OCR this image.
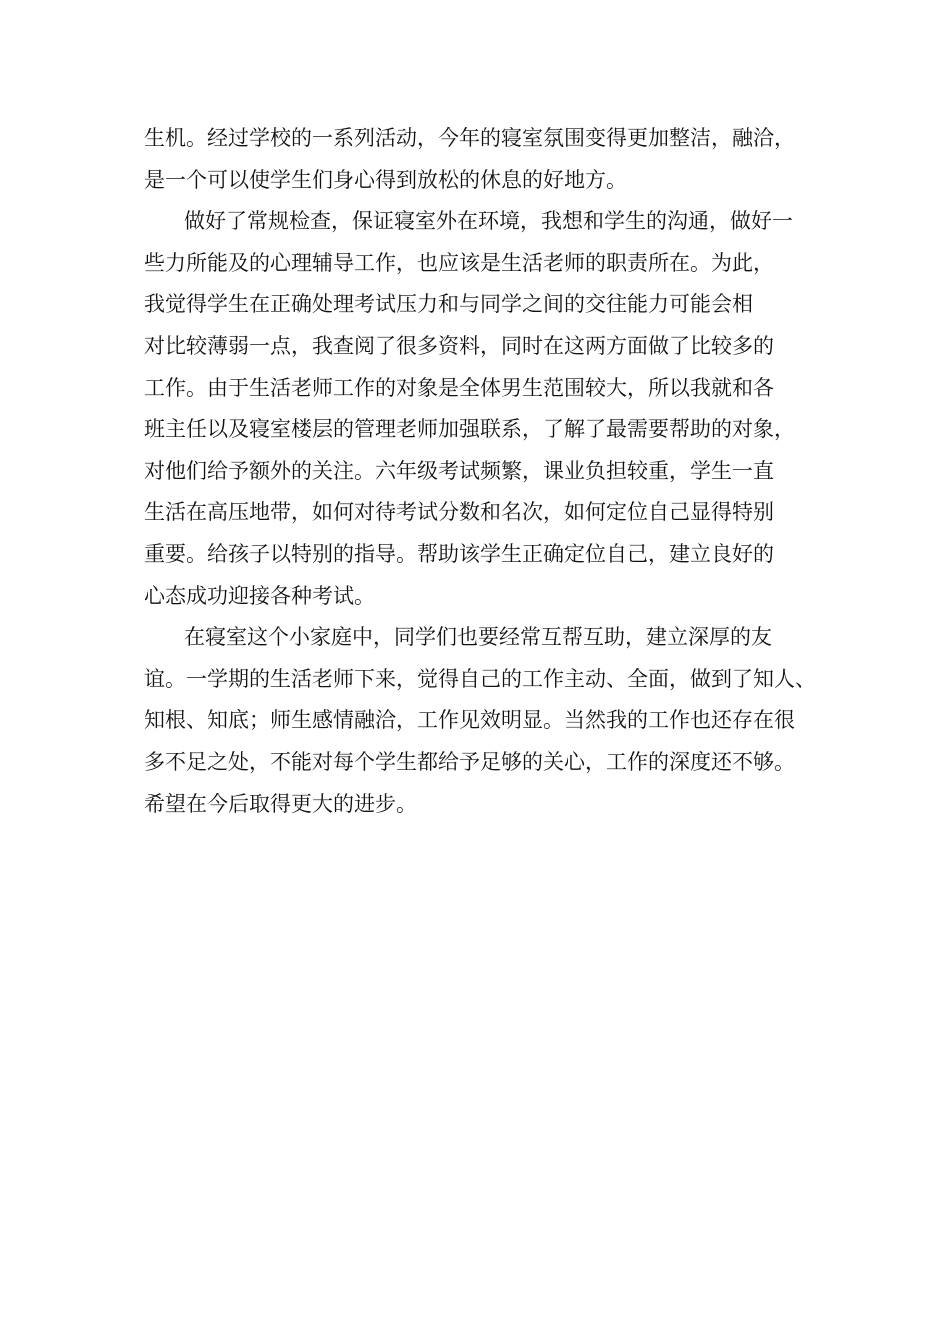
生机。经过学校的一系列活动，今年的寝室氛围变得更加整洁，融洽，
是一个可以使学生们身心得到放松的休息的好地方。
做好了常规检查，保证寝室外在环境，我想和学生的沟通，做好一
些力所能及的心理辅导工作，也应该是生活老师的职责所在。为此，
我觉得学生在正确处理考试压力和与同学之间的交往能力可能会相
对比较薄弱一点，我查阅了很多资料，同时在这两方面做了比较多的
工作。由于生活老师工作的对象是全体男生范围较大，所以我就和各
班主任以及寝室楼层的管理老师加强联系，了解了最需要帮助的对象，
对他们给予额外的关注。六年级考试频繁，课业负担较重，学生一直
生活在高压地带，如何对待考试分数和名次，如何定位自己显得特别
重要。给孩子以特别的指导。帮助该学生正确定位自己，建立良好的
心态成功迎接各种考试。
在寝室这个小家庭中，同学们也要经常互帮互助，建立深厚的友
谊。一学期的生活老师下来，觉得自己的工作主动、全面，做到了知人、
知根、知底；师生感情融洽，工作见效明显。当然我的工作也还存在很
多不足之处，不能对每个学生都给予足够的关心，工作的深度还不够。
希望在今后取得更大的进步。
